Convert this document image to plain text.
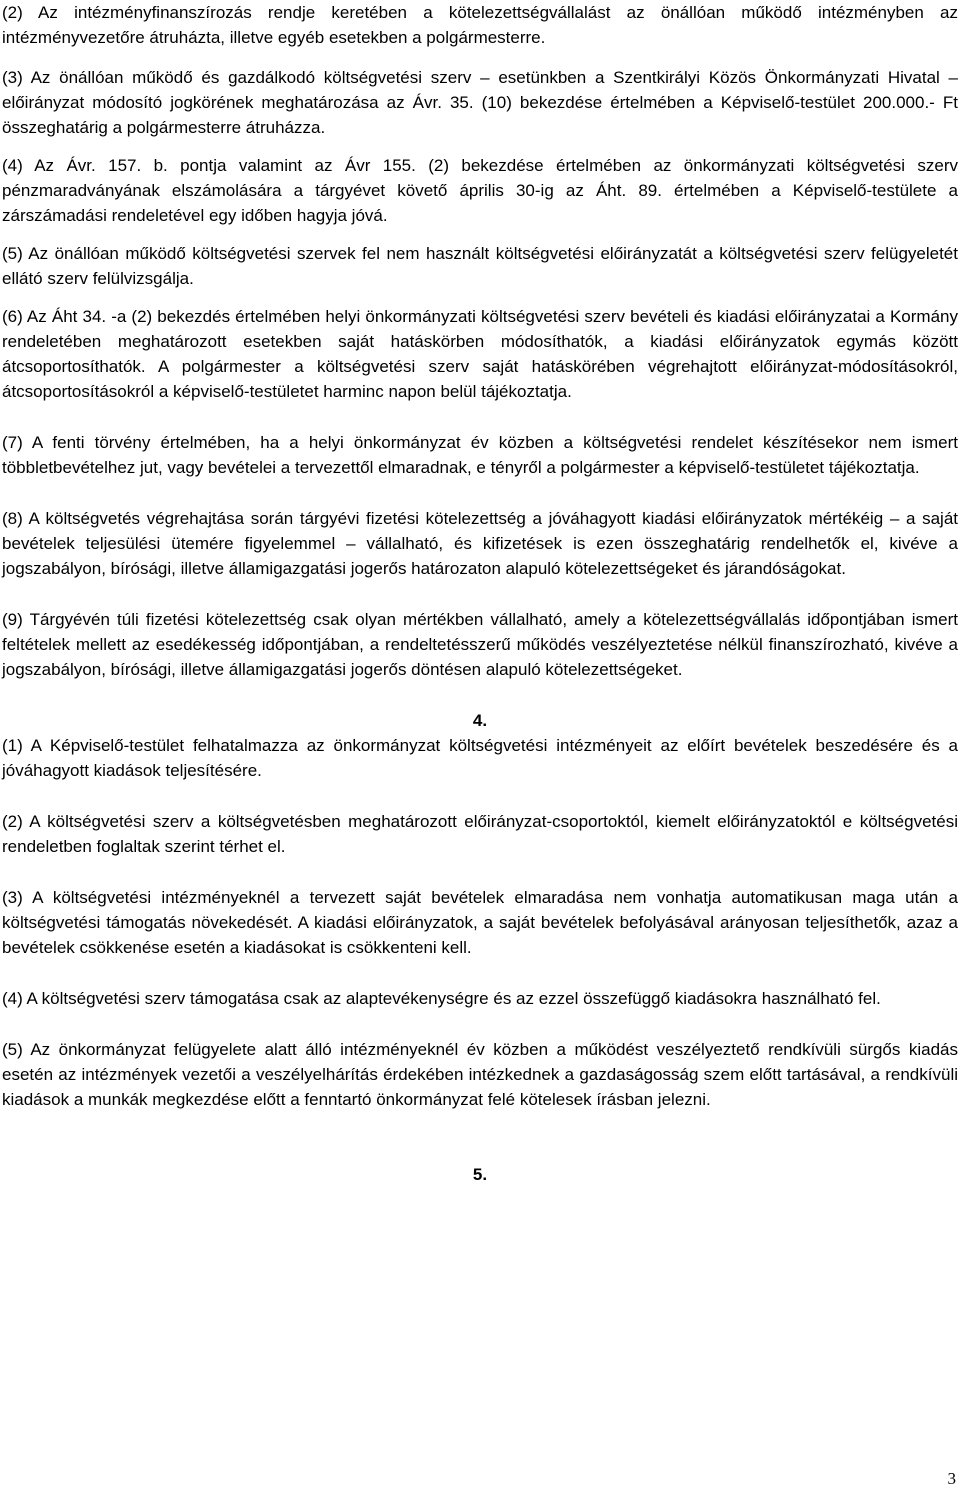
(2) Az intézményfinanszírozás rendje keretében a kötelezettségvállalást az önállóan működő intézményben az intézményvezetőre átruházta, illetve egyéb esetekben a polgármesterre.

(3) Az önállóan működő és gazdálkodó költségvetési szerv – esetünkben a Szentkirályi Közös Önkormányzati Hivatal – előirányzat módosító jogkörének meghatározása az Ávr. 35. (10) bekezdése értelmében a Képviselő-testület 200.000.- Ft összeghatárig a polgármesterre átruházza.

(4) Az Ávr. 157. b. pontja valamint az Ávr 155. (2) bekezdése értelmében az önkormányzati költségvetési szerv pénzmaradványának elszámolására a tárgyévet követő április 30-ig az Áht. 89. értelmében a Képviselő-testülete a zárszámadási rendeletével egy időben hagyja jóvá.

(5) Az önállóan működő költségvetési szervek fel nem használt költségvetési előirányzatát a költségvetési szerv felügyeletét ellátó szerv felülvizsgálja.

(6) Az Áht 34. -a (2) bekezdés értelmében helyi önkormányzati költségvetési szerv bevételi és kiadási előirányzatai a Kormány rendeletében meghatározott esetekben saját hatáskörben módosíthatók, a kiadási előirányzatok egymás között átcsoportosíthatók. A polgármester a költségvetési szerv saját hatáskörében végrehajtott előirányzat-módosításokról, átcsoportosításokról a képviselő-testületet harminc napon belül tájékoztatja.

(7) A fenti törvény értelmében, ha a helyi önkormányzat év közben a költségvetési rendelet készítésekor nem ismert többletbevételhez jut, vagy bevételei a tervezettől elmaradnak, e tényről a polgármester a képviselő-testületet tájékoztatja.

(8) A költségvetés végrehajtása során tárgyévi fizetési kötelezettség a jóváhagyott kiadási előirányzatok mértékéig – a saját bevételek teljesülési ütemére figyelemmel – vállalható, és kifizetések is ezen összeghatárig rendelhetők el, kivéve a jogszabályon, bírósági, illetve államigazgatási jogerős határozaton alapuló kötelezettségeket és járandóságokat.

(9) Tárgyévén túli fizetési kötelezettség csak olyan mértékben vállalható, amely a kötelezettségvállalás időpontjában ismert feltételek mellett az esedékesség időpontjában, a rendeltetésszerű működés veszélyeztetése nélkül finanszírozható, kivéve a jogszabályon, bírósági, illetve államigazgatási jogerős döntésen alapuló kötelezettségeket.

4.

(1) A Képviselő-testület felhatalmazza az önkormányzat költségvetési intézményeit az előírt bevételek beszedésére és a jóváhagyott kiadások teljesítésére.

(2) A költségvetési szerv a költségvetésben meghatározott előirányzat-csoportoktól, kiemelt előirányzatoktól e költségvetési rendeletben foglaltak szerint térhet el.

(3) A költségvetési intézményeknél a tervezett saját bevételek elmaradása nem vonhatja automatikusan maga után a költségvetési támogatás növekedését. A kiadási előirányzatok, a saját bevételek befolyásával arányosan teljesíthetők, azaz a bevételek csökkenése esetén a kiadásokat is csökkenteni kell.

(4) A költségvetési szerv támogatása csak az alaptevékenységre és az ezzel összefüggő kiadásokra használható fel.

(5) Az önkormányzat felügyelete alatt álló intézményeknél év közben a működést veszélyeztető rendkívüli sürgős kiadás esetén az intézmények vezetői a veszélyelhárítás érdekében intézkednek a gazdaságosság szem előtt tartásával, a rendkívüli kiadások a munkák megkezdése előtt a fenntartó önkormányzat felé kötelesek írásban jelezni.

5.

3
